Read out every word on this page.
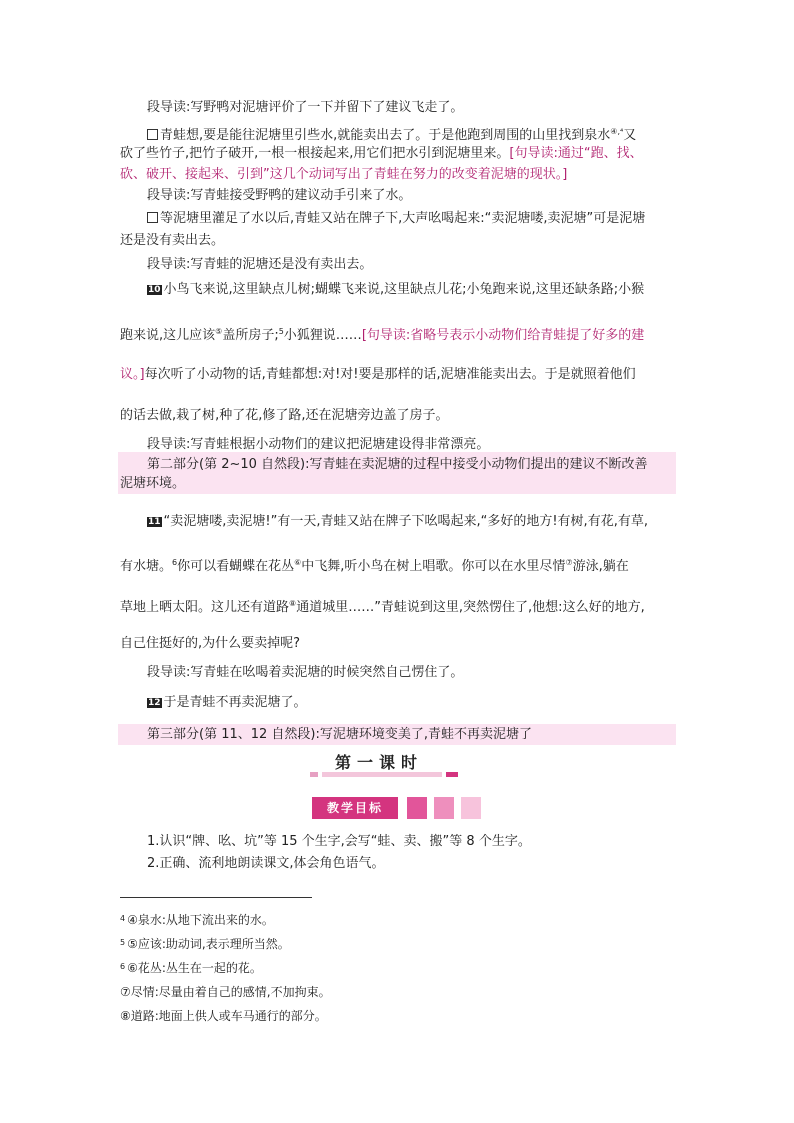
段导读:写野鸭对泥塘评价了一下并留下了建议飞走了。
青蛙想,要是能往泥塘里引些水,就能卖出去了。于是他跑到周围的山里找到泉水$^{④,^4}$又
砍了些竹子,把竹子破开,一根一根接起来,用它们把水引到泥塘里来。[句导读:通过“跑、找、
砍、破开、接起来、引到”这几个动词写出了青蛙在努力的改变着泥塘的现状。]
段导读:写青蛙接受野鸭的建议动手引来了水。
等泥塘里灌足了水以后,青蛙又站在牌子下,大声吆喝起来:“卖泥塘喽,卖泥塘”可是泥塘
还是没有卖出去。
段导读:写青蛙的泥塘还是没有卖出去。
10 小鸟飞来说,这里缺点儿树;蝴蝶飞来说,这里缺点儿花;小兔跑来说,这里还缺条路;小猴
跑来说,这儿应该⑤盖所房子;$^5$小狐狸说……[句导读:省略号表示小动物们给青蛙提了好多的建
议。]每次听了小动物的话,青蛙都想:对!对!要是那样的话,泥塘准能卖出去。于是就照着他们
的话去做,栽了树,种了花,修了路,还在泥塘旁边盖了房子。
段导读:写青蛙根据小动物们的建议把泥塘建设得非常漂亮。
第二部分(第 2~10 自然段):写青蛙在卖泥塘的过程中接受小动物们提出的建议不断改善
泥塘环境。
11 “卖泥塘喽,卖泥塘!”有一天,青蛙又站在牌子下吆喝起来,“多好的地方!有树,有花,有草,
有水塘。$^6$你可以看蝴蝶在花丛⑥中飞舞,听小鸟在树上唱歌。你可以在水里尽情⑦游泳,躺在
草地上晒太阳。这儿还有道路⑧通道城里……”青蛙说到这里,突然愣住了,他想:这么好的地方,
自己住挺好的,为什么要卖掉呢?
段导读:写青蛙在吆喝着卖泥塘的时候突然自己愣住了。
12 于是青蛙不再卖泥塘了。
第三部分(第 11、12 自然段):写泥塘环境变美了,青蛙不再卖泥塘了
第一课时
教学目标
1.认识“牌、吆、坑”等 15 个生字,会写“蛙、卖、搬”等 8 个生字。
2.正确、流利地朗读课文,体会角色语气。
$^4$ ④泉水:从地下流出来的水。
$^5$ ⑤应该:助动词,表示理所当然。
$^6$ ⑥花丛:丛生在一起的花。
⑦尽情:尽量由着自己的感情,不加拘束。
⑧道路:地面上供人或车马通行的部分。
